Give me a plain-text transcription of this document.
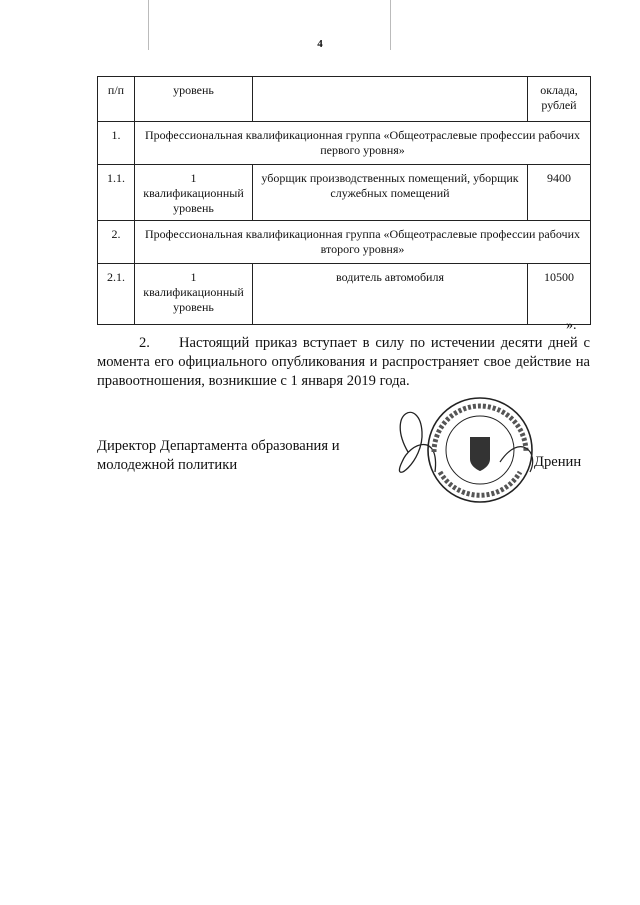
4
п/п	уровень		оклада, рублей
1.	Профессиональная квалификационная группа «Общеотраслевые профессии рабочих первого уровня»		
1.1.	1 квалификационный уровень	уборщик производственных помещений, уборщик служебных помещений	9400
2.	Профессиональная квалификационная группа «Общеотраслевые профессии рабочих второго уровня»		
2.1.	1 квалификационный уровень	водитель автомобиля	10500
».
2. Настоящий приказ вступает в силу по истечении десяти дней с момента его официального опубликования и распространяет свое действие на правоотношения, возникшие с 1 января 2019 года.
Директор Департамента образования и молодежной политики	Дренин
